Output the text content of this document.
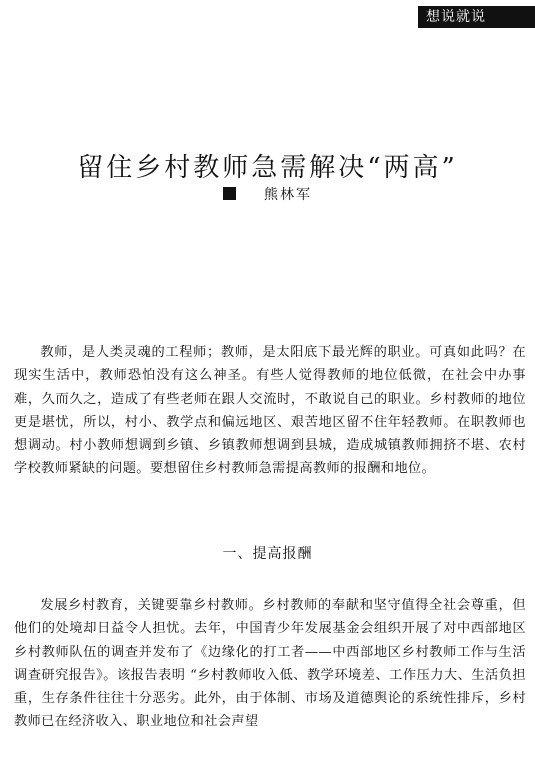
想说就说
留住乡村教师急需解决“两高”
熊林军

教师，是人类灵魂的工程师；教师，是太阳底下最光辉的职业。可真如此吗？在现实生活中，教师恐怕没有这么神圣。有些人觉得教师的地位低微，在社会中办事难，久而久之，造成了有些老师在跟人交流时，不敢说自己的职业。乡村教师的地位更是堪忧，所以，村小、教学点和偏远地区、艰苦地区留不住年轻教师。在职教师也想调动。村小教师想调到乡镇、乡镇教师想调到县城，造成城镇教师拥挤不堪、农村学校教师紧缺的问题。要想留住乡村教师急需提高教师的报酬和地位。

一、提高报酬

发展乡村教育，关键要靠乡村教师。乡村教师的奉献和坚守值得全社会尊重，但他们的处境却日益令人担忧。去年，中国青少年发展基金会组织开展了对中西部地区乡村教师队伍的调查并发布了《边缘化的打工者——中西部地区乡村教师工作与生活调查研究报告》。该报告表明 “乡村教师收入低、教学环境差、工作压力大、生活负担重，生存条件往往十分恶劣。此外，由于体制、市场及道德舆论的系统性排斥，乡村教师已在经济收入、职业地位和社会声望
